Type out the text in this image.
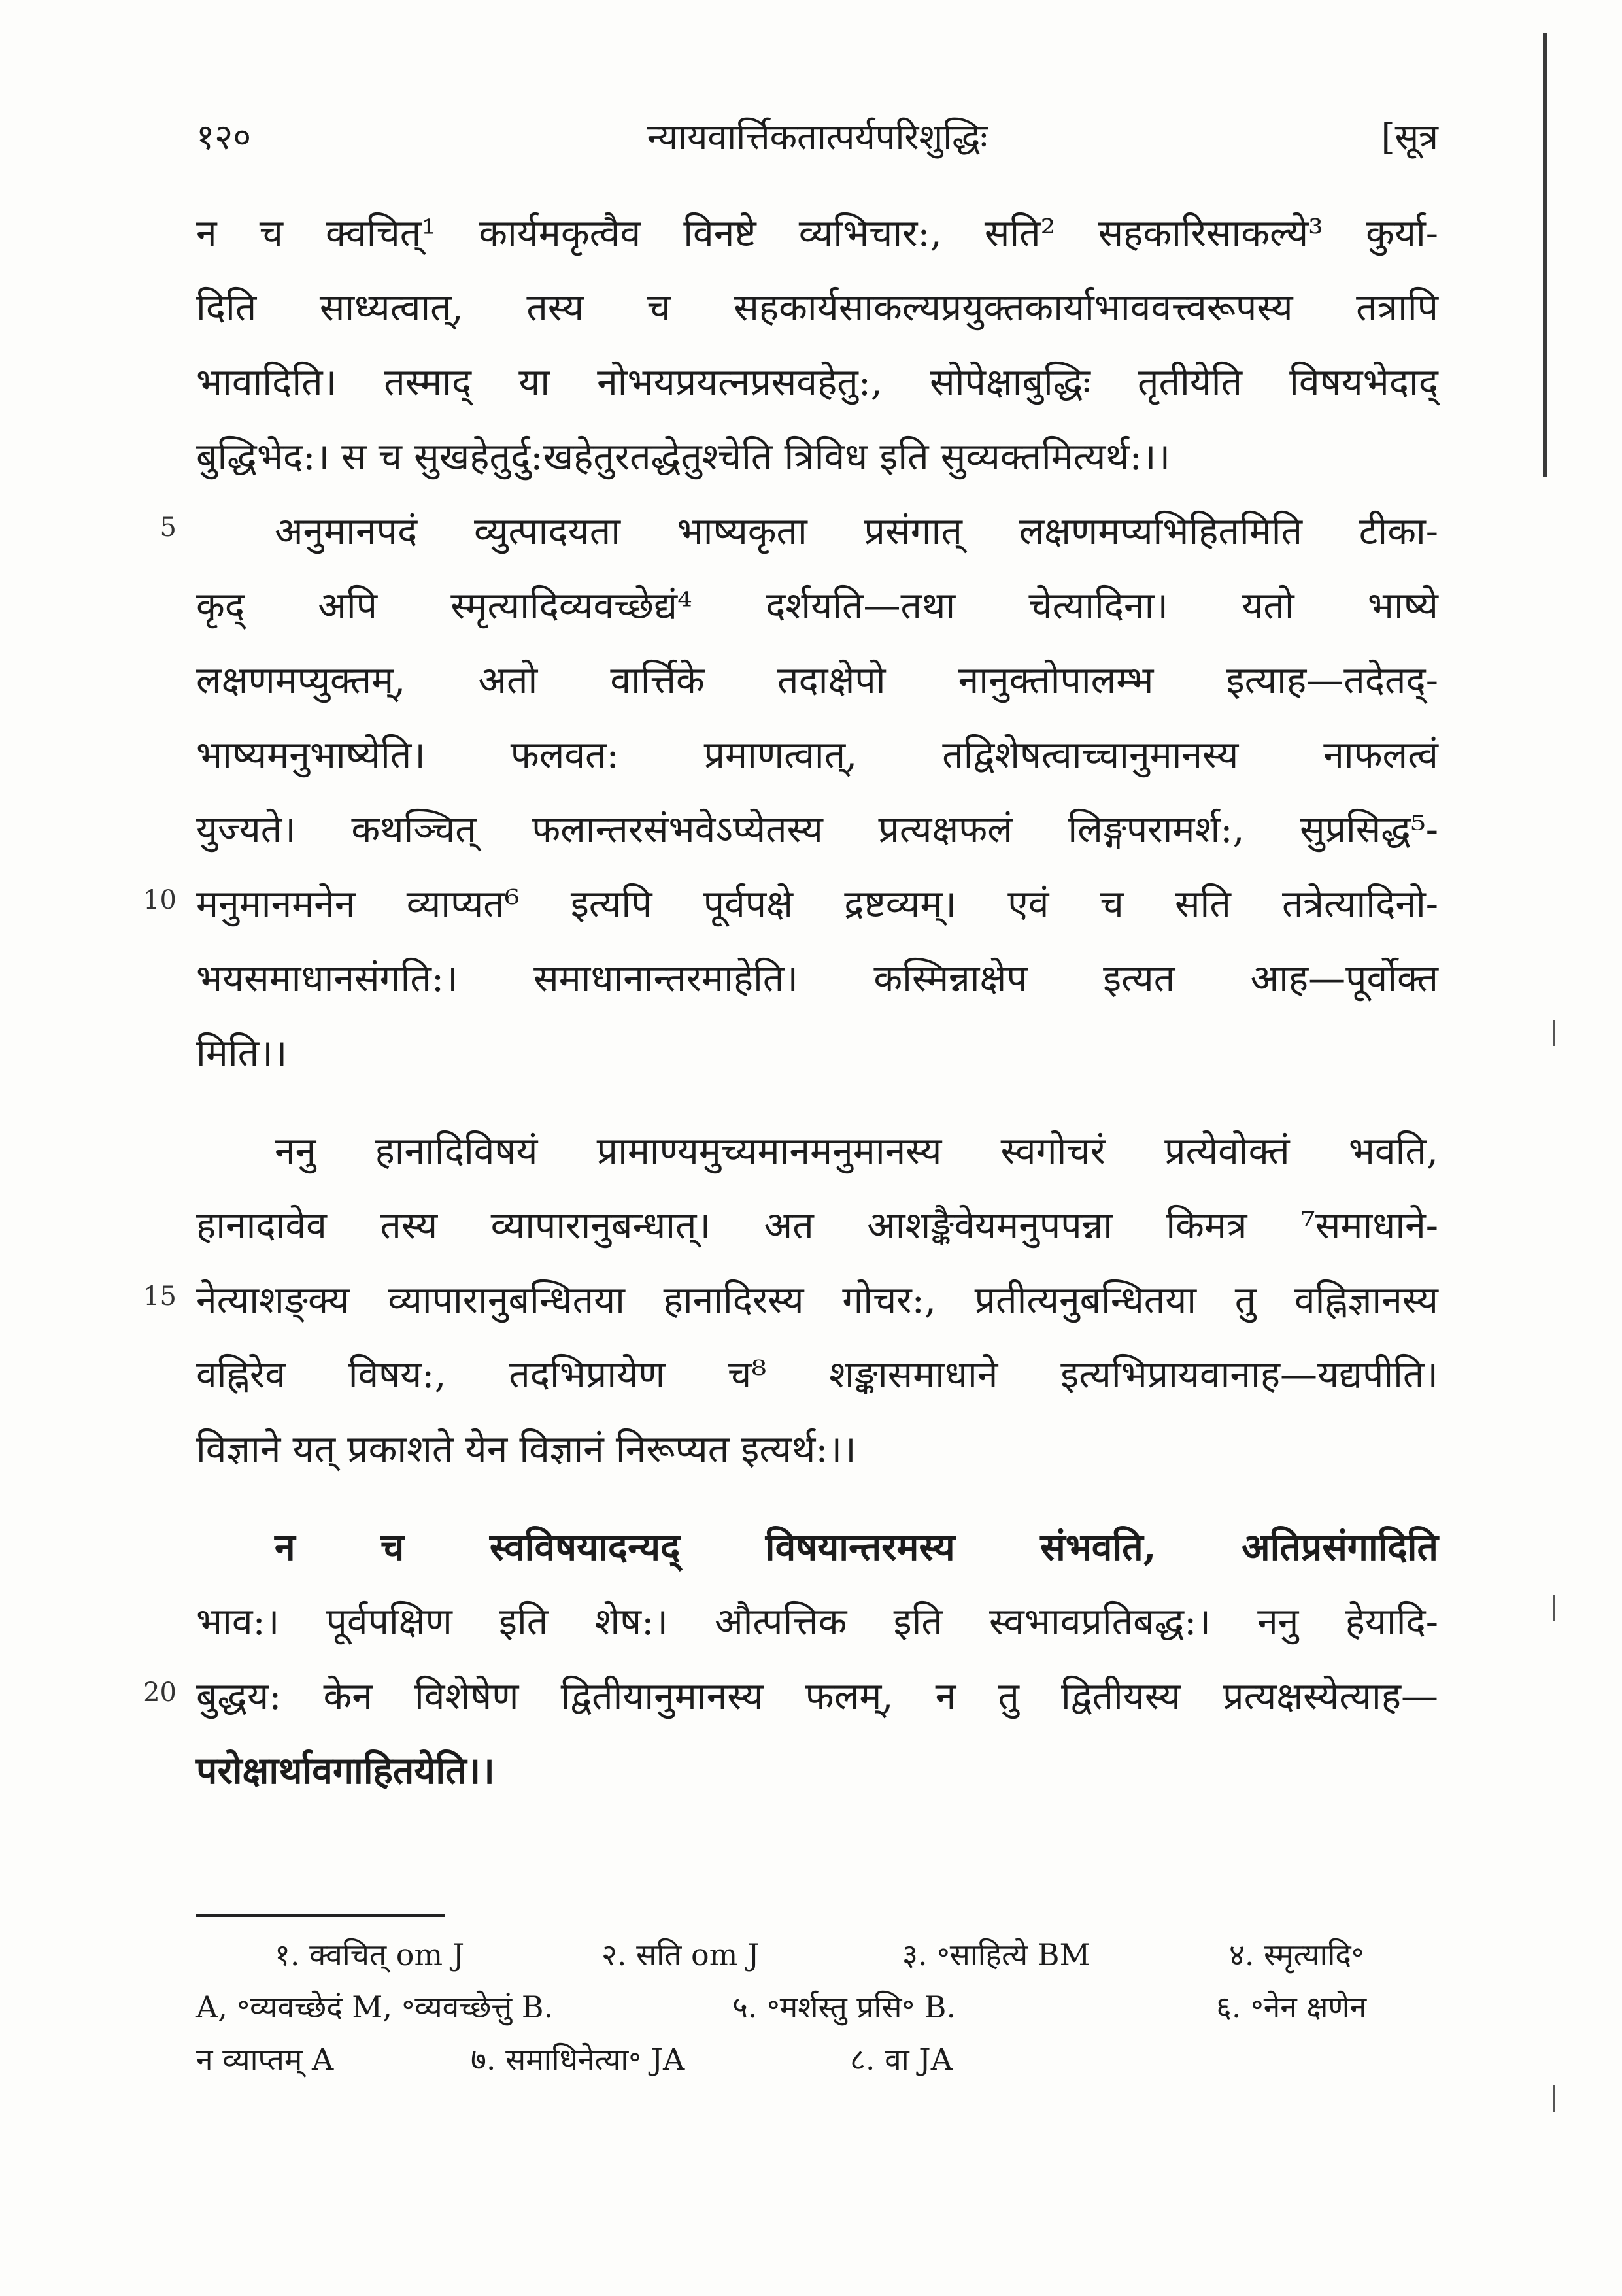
१२०	न्यायवार्त्तिकतात्पर्यपरिशुद्धिः	[सूत्र
न च क्वचित्¹ कार्यमकृत्वैव विनष्टे व्यभिचार:, सति² सहकारिसाकल्ये³ कुर्या-
दिति साध्यत्वात्, तस्य च सहकार्यसाकल्यप्रयुक्तकार्याभाववत्त्वरूपस्य तत्रापि
भावादिति। तस्माद् या नोभयप्रयत्नप्रसवहेतु:, सोपेक्षाबुद्धिः तृतीयेति विषयभेदाद्
बुद्धिभेद:। स च सुखहेतुर्दु:खहेतुरतद्धेतुश्चेति त्रिविध इति सुव्यक्तमित्यर्थ:।।
5	अनुमानपदं व्युत्पादयता भाष्यकृता प्रसंगात् लक्षणमप्यभिहितमिति टीका-
कृद् अपि स्मृत्यादिव्यवच्छेद्यं⁴ दर्शयति—तथा चेत्यादिना। यतो भाष्ये
लक्षणमप्युक्तम्, अतो वार्त्तिके तदाक्षेपो नानुक्तोपालम्भ इत्याह—तदेतद्-
भाष्यमनुभाष्येति। फलवत: प्रमाणत्वात्, तद्विशेषत्वाच्चानुमानस्य नाफलत्वं
युज्यते। कथञ्चित् फलान्तरसंभवेऽप्येतस्य प्रत्यक्षफलं लिङ्गपरामर्श:, सुप्रसिद्ध⁵-
10 मनुमानमनेन व्याप्यत⁶ इत्यपि पूर्वपक्षे द्रष्टव्यम्। एवं च सति तत्रेत्यादिनो-
भयसमाधानसंगति:। समाधानान्तरमाहेति। कस्मिन्नाक्षेप इत्यत आह—पूर्वोक्त
मिति।।
ननु हानादिविषयं प्रामाण्यमुच्यमानमनुमानस्य स्वगोचरं प्रत्येवोक्तं भवति,
हानादावेव तस्य व्यापारानुबन्धात्। अत आशङ्कैवेयमनुपपन्ना किमत्र ⁷समाधाने-
15 नेत्याशङ्क्य व्यापारानुबन्धितया हानादिरस्य गोचर:, प्रतीत्यनुबन्धितया तु वह्निज्ञानस्य
वह्निरेव विषय:, तदभिप्रायेण च⁸ शङ्कासमाधाने इत्यभिप्रायवानाह—यद्यपीति।
विज्ञाने यत् प्रकाशते येन विज्ञानं निरूप्यत इत्यर्थ:।।
न च स्वविषयादन्यद् विषयान्तरमस्य संभवति, अतिप्रसंगादिति
भाव:। पूर्वपक्षिण इति शेष:। औत्पत्तिक इति स्वभावप्रतिबद्ध:। ननु हेयादि-
20 बुद्धय: केन विशेषेण द्वितीयानुमानस्य फलम्, न तु द्वितीयस्य प्रत्यक्षस्येत्याह—
परोक्षार्थावगाहितयेति।।
१. क्वचित् om J	२. सति om J	३. ॰साहित्ये BM	४. स्मृत्यादि॰
A, ॰व्यवच्छेदं M, ॰व्यवच्छेत्तुं B.	५. ॰मर्शस्तु प्रसि॰ B.	६. ॰नेन क्षणेन
न व्याप्तम् A	७. समाधिनेत्या॰ JA	८. वा JA
